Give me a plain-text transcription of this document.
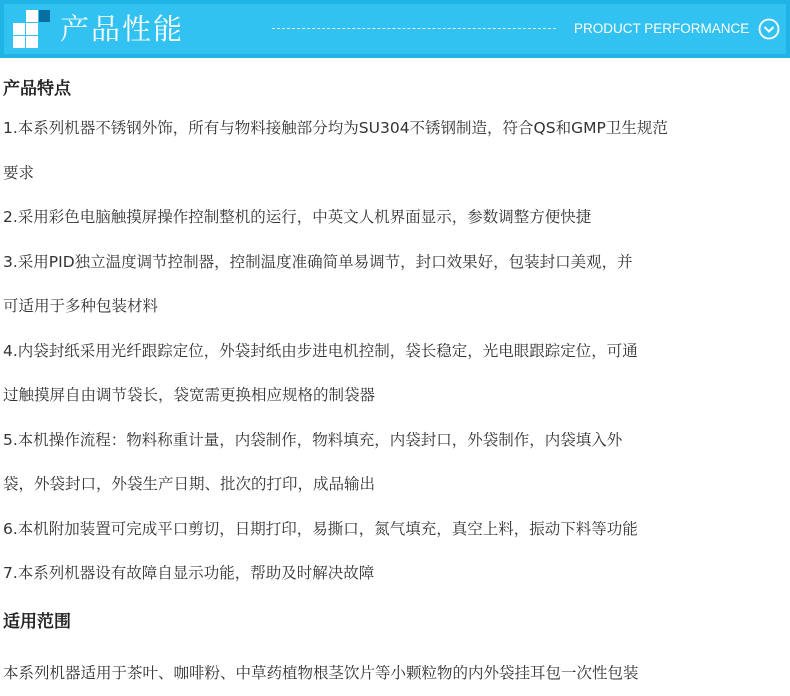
产品性能	PRODUCT PERFORMANCE
产品特点

1.本系列机器不锈钢外饰，所有与物料接触部分均为SU304不锈钢制造，符合QS和GMP卫生规范

要求

2.采用彩色电脑触摸屏操作控制整机的运行，中英文人机界面显示，参数调整方便快捷

3.采用PID独立温度调节控制器，控制温度准确简单易调节，封口效果好，包装封口美观，并

可适用于多种包装材料

4.内袋封纸采用光纤跟踪定位，外袋封纸由步进电机控制，袋长稳定，光电眼跟踪定位，可通

过触摸屏自由调节袋长，袋宽需更换相应规格的制袋器

5.本机操作流程：物料称重计量，内袋制作，物料填充，内袋封口，外袋制作，内袋填入外

袋，外袋封口，外袋生产日期、批次的打印，成品输出

6.本机附加装置可完成平口剪切，日期打印，易撕口，氮气填充，真空上料，振动下料等功能

7.本系列机器设有故障自显示功能，帮助及时解决故障

适用范围

本系列机器适用于茶叶、咖啡粉、中草药植物根茎饮片等小颗粒物的内外袋挂耳包一次性包装
